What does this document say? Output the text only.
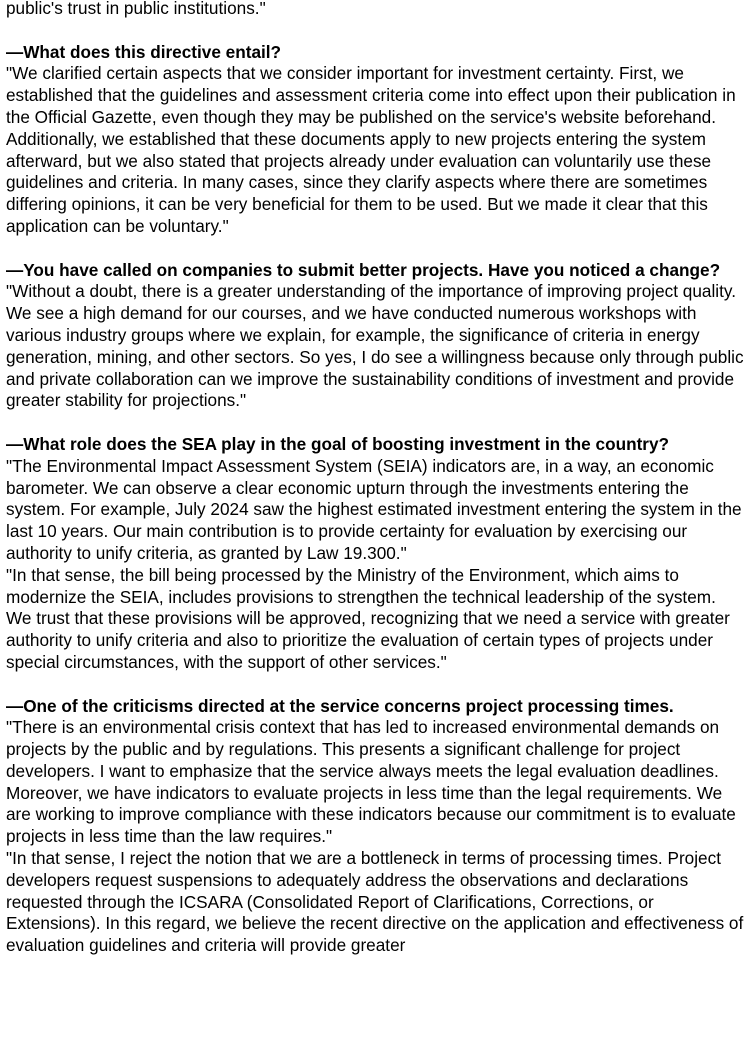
public's trust in public institutions."

—What does this directive entail?

"We clarified certain aspects that we consider important for investment certainty. First, we established that the guidelines and assessment criteria come into effect upon their publication in the Official Gazette, even though they may be published on the service's website beforehand. Additionally, we established that these documents apply to new projects entering the system afterward, but we also stated that projects already under evaluation can voluntarily use these guidelines and criteria. In many cases, since they clarify aspects where there are sometimes differing opinions, it can be very beneficial for them to be used. But we made it clear that this application can be voluntary."

—You have called on companies to submit better projects. Have you noticed a change?

"Without a doubt, there is a greater understanding of the importance of improving project quality. We see a high demand for our courses, and we have conducted numerous workshops with various industry groups where we explain, for example, the significance of criteria in energy generation, mining, and other sectors. So yes, I do see a willingness because only through public and private collaboration can we improve the sustainability conditions of investment and provide greater stability for projections."

—What role does the SEA play in the goal of boosting investment in the country?

"The Environmental Impact Assessment System (SEIA) indicators are, in a way, an economic barometer. We can observe a clear economic upturn through the investments entering the system. For example, July 2024 saw the highest estimated investment entering the system in the last 10 years. Our main contribution is to provide certainty for evaluation by exercising our authority to unify criteria, as granted by Law 19.300."

"In that sense, the bill being processed by the Ministry of the Environment, which aims to modernize the SEIA, includes provisions to strengthen the technical leadership of the system. We trust that these provisions will be approved, recognizing that we need a service with greater authority to unify criteria and also to prioritize the evaluation of certain types of projects under special circumstances, with the support of other services."

—One of the criticisms directed at the service concerns project processing times.

"There is an environmental crisis context that has led to increased environmental demands on projects by the public and by regulations. This presents a significant challenge for project developers. I want to emphasize that the service always meets the legal evaluation deadlines. Moreover, we have indicators to evaluate projects in less time than the legal requirements. We are working to improve compliance with these indicators because our commitment is to evaluate projects in less time than the law requires."

"In that sense, I reject the notion that we are a bottleneck in terms of processing times. Project developers request suspensions to adequately address the observations and declarations requested through the ICSARA (Consolidated Report of Clarifications, Corrections, or Extensions). In this regard, we believe the recent directive on the application and effectiveness of evaluation guidelines and criteria will provide greater
